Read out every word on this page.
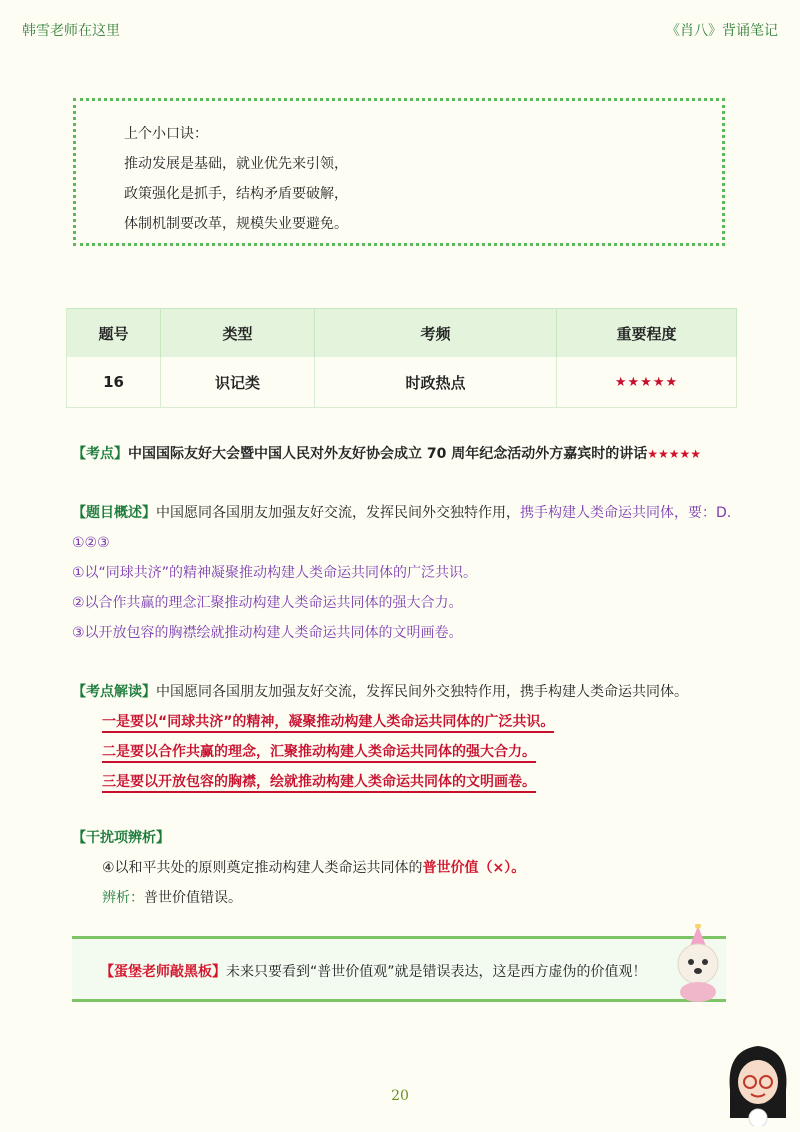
韩雪老师在这里	《肖八》背诵笔记
上个小口诀：
推动发展是基础，就业优先来引领，
政策强化是抓手，结构矛盾要破解，
体制机制要改革，规模失业要避免。
题号	类型	考频	重要程度
16	识记类	时政热点	★★★★★
【考点】中国国际友好大会暨中国人民对外友好协会成立 70 周年纪念活动外方嘉宾时的讲话★★★★★
【题目概述】中国愿同各国朋友加强友好交流，发挥民间外交独特作用，携手构建人类命运共同体，要：D.
①②③
①以“同球共济”的精神凝聚推动构建人类命运共同体的广泛共识。
②以合作共赢的理念汇聚推动构建人类命运共同体的强大合力。
③以开放包容的胸襟绘就推动构建人类命运共同体的文明画卷。
【考点解读】中国愿同各国朋友加强友好交流，发挥民间外交独特作用，携手构建人类命运共同体。
一是要以“同球共济”的精神，凝聚推动构建人类命运共同体的广泛共识。
二是要以合作共赢的理念，汇聚推动构建人类命运共同体的强大合力。
三是要以开放包容的胸襟，绘就推动构建人类命运共同体的文明画卷。
【干扰项辨析】
④以和平共处的原则奠定推动构建人类命运共同体的普世价值（×）。
辨析：普世价值错误。
【蛋堡老师敲黑板】未来只要看到“普世价值观”就是错误表达，这是西方虚伪的价值观！
20
